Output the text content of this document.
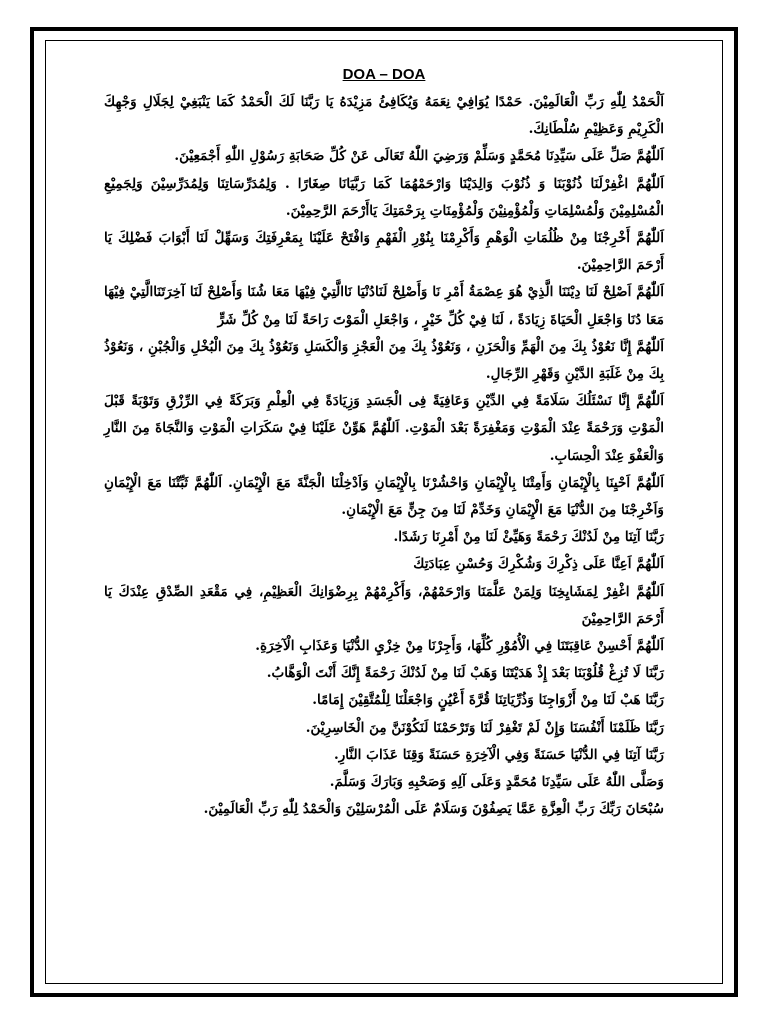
DOA – DOA

اَلْحَمْدُ لِلّٰهِ رَبِّ الْعَالَمِيْنَ. حَمْدًا يُوَافِيْ نِعَمَهُ وَيُكَافِئُ مَزِيْدَهُ يَا رَبَّنَا لَكَ الْحَمْدُ كَمَا يَنْبَغِيْ لِجَلَالِ وَجْهِكَ الْكَرِيْمِ وَعَظِيْمِ سُلْطَانِكَ.

اَللّٰهُمَّ صَلِّ عَلَى سَيِّدِنَا مُحَمَّدٍ وَسَلِّمْ وَرَضِيَ اللّٰهُ تَعَالَى عَنْ كُلِّ صَحَابَةِ رَسُوْلِ اللّٰهِ أَجْمَعِيْنَ.

اَللّٰهُمَّ اغْفِرْلَنَا ذُنُوْبَنَا وَ ذُنُوْبَ وَالِدَيْنَا وَارْحَمْهُمَا كَمَا رَبَّيَانَا صِغَارًا . وَلِمُدَرِّسَاتِنَا وَلِمُدَرِّسِيْنَ وَلِجَمِيْعِ الْمُسْلِمِيْنَ وَلْمُسْلِمَاتِ وَلْمُؤْمِنِيْنَ وَلْمُؤْمِنَاتِ بِرَحْمَتِكَ يَاأَرْحَمَ الرَّحِمِيْنَ.

اَللّٰهُمَّ أَخْرِجْنَا مِنْ ظُلُمَاتِ الْوَهْمِ وَأَكْرِمْنَا بِنُوْرِ الْفَهْمِ وَافْتَحْ عَلَيْنَا بِمَعْرِفَتِكَ وَسَهِّلْ لَنَا أَبْوَابَ فَضْلِكَ يَا أَرْحَمَ الرَّاحِمِيْنَ.

اَللّٰهُمَّ اَصْلِحْ لَنَا دِيْنَنَا الَّذِيْ هُوَ عِصْمَةُ أَمْرِ نَا وَأَصْلِحْ لَنَادُنْيَا نَاالَّتِيْ فِيْهَا مَعَا شُنَا وَأَصْلِحْ لَنَا آخِرَتَنَاالَّتِيْ فِيْهَا مَعَا دُنَا وَاجْعَلِ الْحَيَاةَ زِيَادَةً ، لَنَا فِيْ كُلِّ خَيْرٍ ، وَاجْعَلِ الْمَوْتَ رَاحَةً لَنَا مِنْ كُلِّ شَرٍّ

اَللّٰهُمَّ إِنَّا نَعُوْذُ بِكَ مِنَ الْهَمِّ وَالْحَزَنِ ، وَنَعُوْذُ بِكَ مِنَ الْعَجْزِ وَالْكَسَلِ وَنَعُوْذُ بِكَ مِنَ الْبُخْلِ وَالْجُبْنِ ، وَنَعُوْذُ بِكَ مِنْ غَلَبَةِ الدَّيْنِ وَقَهْرِ الرِّجَالِ.

اَللّٰهُمَّ إِنَّا نَسْئَلُكَ سَلَامَةً فِي الدِّيْنِ وَعَافِيَةً فِى الْجَسَدِ وَزِيَادَةً فِي الْعِلْمِ وَبَرَكَةً فِي الرِّزْقِ وَتَوْبَةً قَبْلَ الْمَوْتِ وَرَحْمَةً عِنْدَ الْمَوْتِ وَمَغْفِرَةً بَعْدَ الْمَوْتِ. اَللّٰهُمَّ هَوِّنْ عَلَيْنَا فِيْ سَكَرَاتِ الْمَوْتِ وَالنَّجَاةَ مِنَ النَّارِ وَالْعَفْوَ عِنْدَ الْحِسَابِ.

اَللّٰهُمَّ اَحْيِنَا بِالْإِيْمَانِ وَأَمِتْنَا بِالْإِيْمَانِ وَاحْشُرْنَا بِالْإِيْمَانِ وَاَدْخِلْنَا الْجَنَّةَ مَعَ الْإِيْمَانِ. اَللّٰهُمَّ ثَبِّتْنَا مَعَ الْإِيْمَانِ وَاَخْرِجْنَا مِنَ الدُّنْيَا مَعَ الْإِيْمَانِ وَخَدِّمْ لَنَا مِنَ جِنٍّ مَعَ الْإِيْمَانِ.

رَبَّنَا آتِنَا مِنْ لَدُنْكَ رَحْمَةً وَهَيِّئْ لَنَا مِنْ أَمْرِنَا رَشَدًا.

اَللّٰهُمَّ اَعِنَّا عَلَى ذِكْرِكَ وَشُكْرِكَ وَحُسْنِ عِبَادَتِكَ

اَللّٰهُمَّ اغْفِرْ لِمَشَايِخِنَا وَلِمَنْ عَلَّمَنَا وَارْحَمْهُمْ، وَأَكْرِمْهُمْ بِرِضْوَانِكَ الْعَظِيْمِ، فِي مَقْعَدِ الصِّدْقِ عِنْدَكَ يَا أَرْحَمَ الرَّاحِمِيْنَ

اَللّٰهُمَّ أَحْسِنْ عَاقِبَتَنَا فِي الْأُمُوْرِ كُلِّهَا، وَأَجِرْنَا مِنْ خِزْيِ الدُّنْيَا وَعَذَابِ الْآخِرَةِ.

رَبَّنَا لَا تُزِغْ قُلُوْبَنَا بَعْدَ إِذْ هَدَيْتَنَا وَهَبْ لَنَا مِنْ لَدُنْكَ رَحْمَةً إِنَّكَ أَنْتَ الْوَهَّابُ.

رَبَّنَا هَبْ لَنَا مِنْ أَزْوَاجِنَا وَذُرِّيَاتِنَا قُرَّةَ أَعْيُنٍ وَاجْعَلْنَا لِلْمُتَّقِيْنَ إِمَامًا.

رَبَّنَا ظَلَمْنَا أَنْفُسَنَا وَإِنْ لَمْ تَغْفِرْ لَنَا وَتَرْحَمْنَا لَنَكُوْنَنَّ مِنَ الْخَاسِرِيْنَ.

رَبَّنَا آتِنَا فِي الدُّنْيَا حَسَنَةً وَفِي الْآخِرَةِ حَسَنَةً وَقِنَا عَذَابَ النَّارِ.

وَصَلَّى اللّٰهُ عَلَى سَيِّدِنَا مُحَمَّدٍ وَعَلَى آلِهِ وَصَحْبِهِ وَبَارَكَ وَسَلَّمَ.

سُبْحَانَ رَبِّكَ رَبِّ الْعِزَّةِ عَمَّا يَصِفُوْنَ وَسَلَامٌ عَلَى الْمُرْسَلِيْنَ وَالْحَمْدُ لِلّٰهِ رَبِّ الْعَالَمِيْنَ.
